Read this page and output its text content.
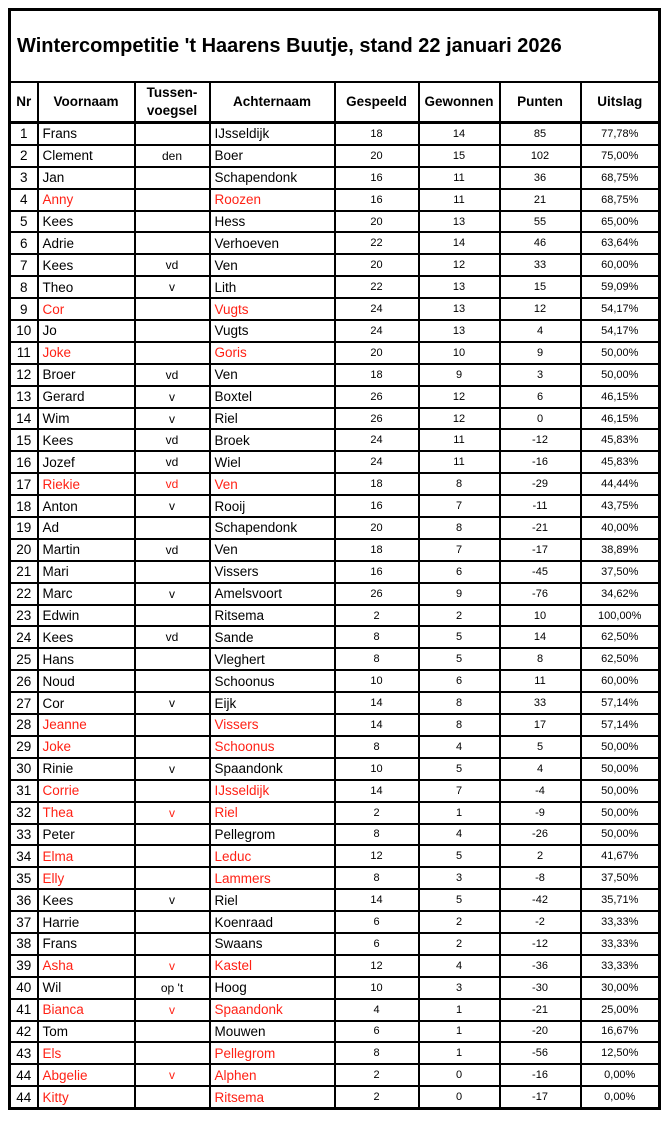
Wintercompetitie 't Haarens Buutje, stand 22 januari 2026							
Nr	Voornaam	Tussen-voegsel	Achternaam	Gespeeld	Gewonnen	Punten	Uitslag
1	Frans		IJsseldijk	18	14	85	77,78%
2	Clement	den	Boer	20	15	102	75,00%
3	Jan		Schapendonk	16	11	36	68,75%
4	Anny		Roozen	16	11	21	68,75%
5	Kees		Hess	20	13	55	65,00%
6	Adrie		Verhoeven	22	14	46	63,64%
7	Kees	vd	Ven	20	12	33	60,00%
8	Theo	v	Lith	22	13	15	59,09%
9	Cor		Vugts	24	13	12	54,17%
10	Jo		Vugts	24	13	4	54,17%
11	Joke		Goris	20	10	9	50,00%
12	Broer	vd	Ven	18	9	3	50,00%
13	Gerard	v	Boxtel	26	12	6	46,15%
14	Wim	v	Riel	26	12	0	46,15%
15	Kees	vd	Broek	24	11	-12	45,83%
16	Jozef	vd	Wiel	24	11	-16	45,83%
17	Riekie	vd	Ven	18	8	-29	44,44%
18	Anton	v	Rooij	16	7	-11	43,75%
19	Ad		Schapendonk	20	8	-21	40,00%
20	Martin	vd	Ven	18	7	-17	38,89%
21	Mari		Vissers	16	6	-45	37,50%
22	Marc	v	Amelsvoort	26	9	-76	34,62%
23	Edwin		Ritsema	2	2	10	100,00%
24	Kees	vd	Sande	8	5	14	62,50%
25	Hans		Vleghert	8	5	8	62,50%
26	Noud		Schoonus	10	6	11	60,00%
27	Cor	v	Eijk	14	8	33	57,14%
28	Jeanne		Vissers	14	8	17	57,14%
29	Joke		Schoonus	8	4	5	50,00%
30	Rinie	v	Spaandonk	10	5	4	50,00%
31	Corrie		IJsseldijk	14	7	-4	50,00%
32	Thea	v	Riel	2	1	-9	50,00%
33	Peter		Pellegrom	8	4	-26	50,00%
34	Elma		Leduc	12	5	2	41,67%
35	Elly		Lammers	8	3	-8	37,50%
36	Kees	v	Riel	14	5	-42	35,71%
37	Harrie		Koenraad	6	2	-2	33,33%
38	Frans		Swaans	6	2	-12	33,33%
39	Asha	v	Kastel	12	4	-36	33,33%
40	Wil	op 't	Hoog	10	3	-30	30,00%
41	Bianca	v	Spaandonk	4	1	-21	25,00%
42	Tom		Mouwen	6	1	-20	16,67%
43	Els		Pellegrom	8	1	-56	12,50%
44	Abgelie	v	Alphen	2	0	-16	0,00%
44	Kitty		Ritsema	2	0	-17	0,00%
